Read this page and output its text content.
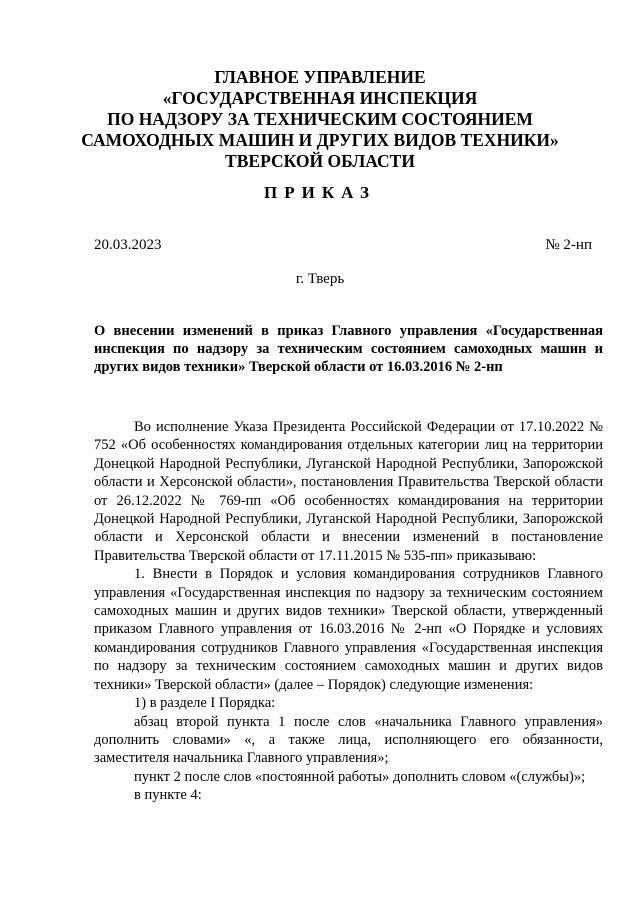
ГЛАВНОЕ УПРАВЛЕНИЕ
«ГОСУДАРСТВЕННАЯ ИНСПЕКЦИЯ
ПО НАДЗОРУ ЗА ТЕХНИЧЕСКИМ СОСТОЯНИЕМ
САМОХОДНЫХ МАШИН И ДРУГИХ ВИДОВ ТЕХНИКИ»
ТВЕРСКОЙ ОБЛАСТИ
ПРИКАЗ
20.03.2023	№ 2-нп
г. Тверь
О внесении изменений в приказ Главного управления «Государственная инспекция по надзору за техническим состоянием самоходных машин и других видов техники» Тверской области от 16.03.2016 № 2-нп

Во исполнение Указа Президента Российской Федерации от 17.10.2022 № 752 «Об особенностях командирования отдельных категории лиц на территории Донецкой Народной Республики, Луганской Народной Республики, Запорожской области и Херсонской области», постановления Правительства Тверской области от 26.12.2022 № 769-пп «Об особенностях командирования на территории Донецкой Народной Республики, Луганской Народной Республики, Запорожской области и Херсонской области и внесении изменений в постановление Правительства Тверской области от 17.11.2015 № 535-пп» приказываю:

1. Внести в Порядок и условия командирования сотрудников Главного управления «Государственная инспекция по надзору за техническим состоянием самоходных машин и других видов техники» Тверской области, утвержденный приказом Главного управления от 16.03.2016 № 2-нп «О Порядке и условиях командирования сотрудников Главного управления «Государственная инспекция по надзору за техническим состоянием самоходных машин и других видов техники» Тверской области» (далее – Порядок) следующие изменения:

1) в разделе I Порядка:

абзац второй пункта 1 после слов «начальника Главного управления» дополнить словами» «, а также лица, исполняющего его обязанности, заместителя начальника Главного управления»;

пункт 2 после слов «постоянной работы» дополнить словом «(службы)»;

в пункте 4:
